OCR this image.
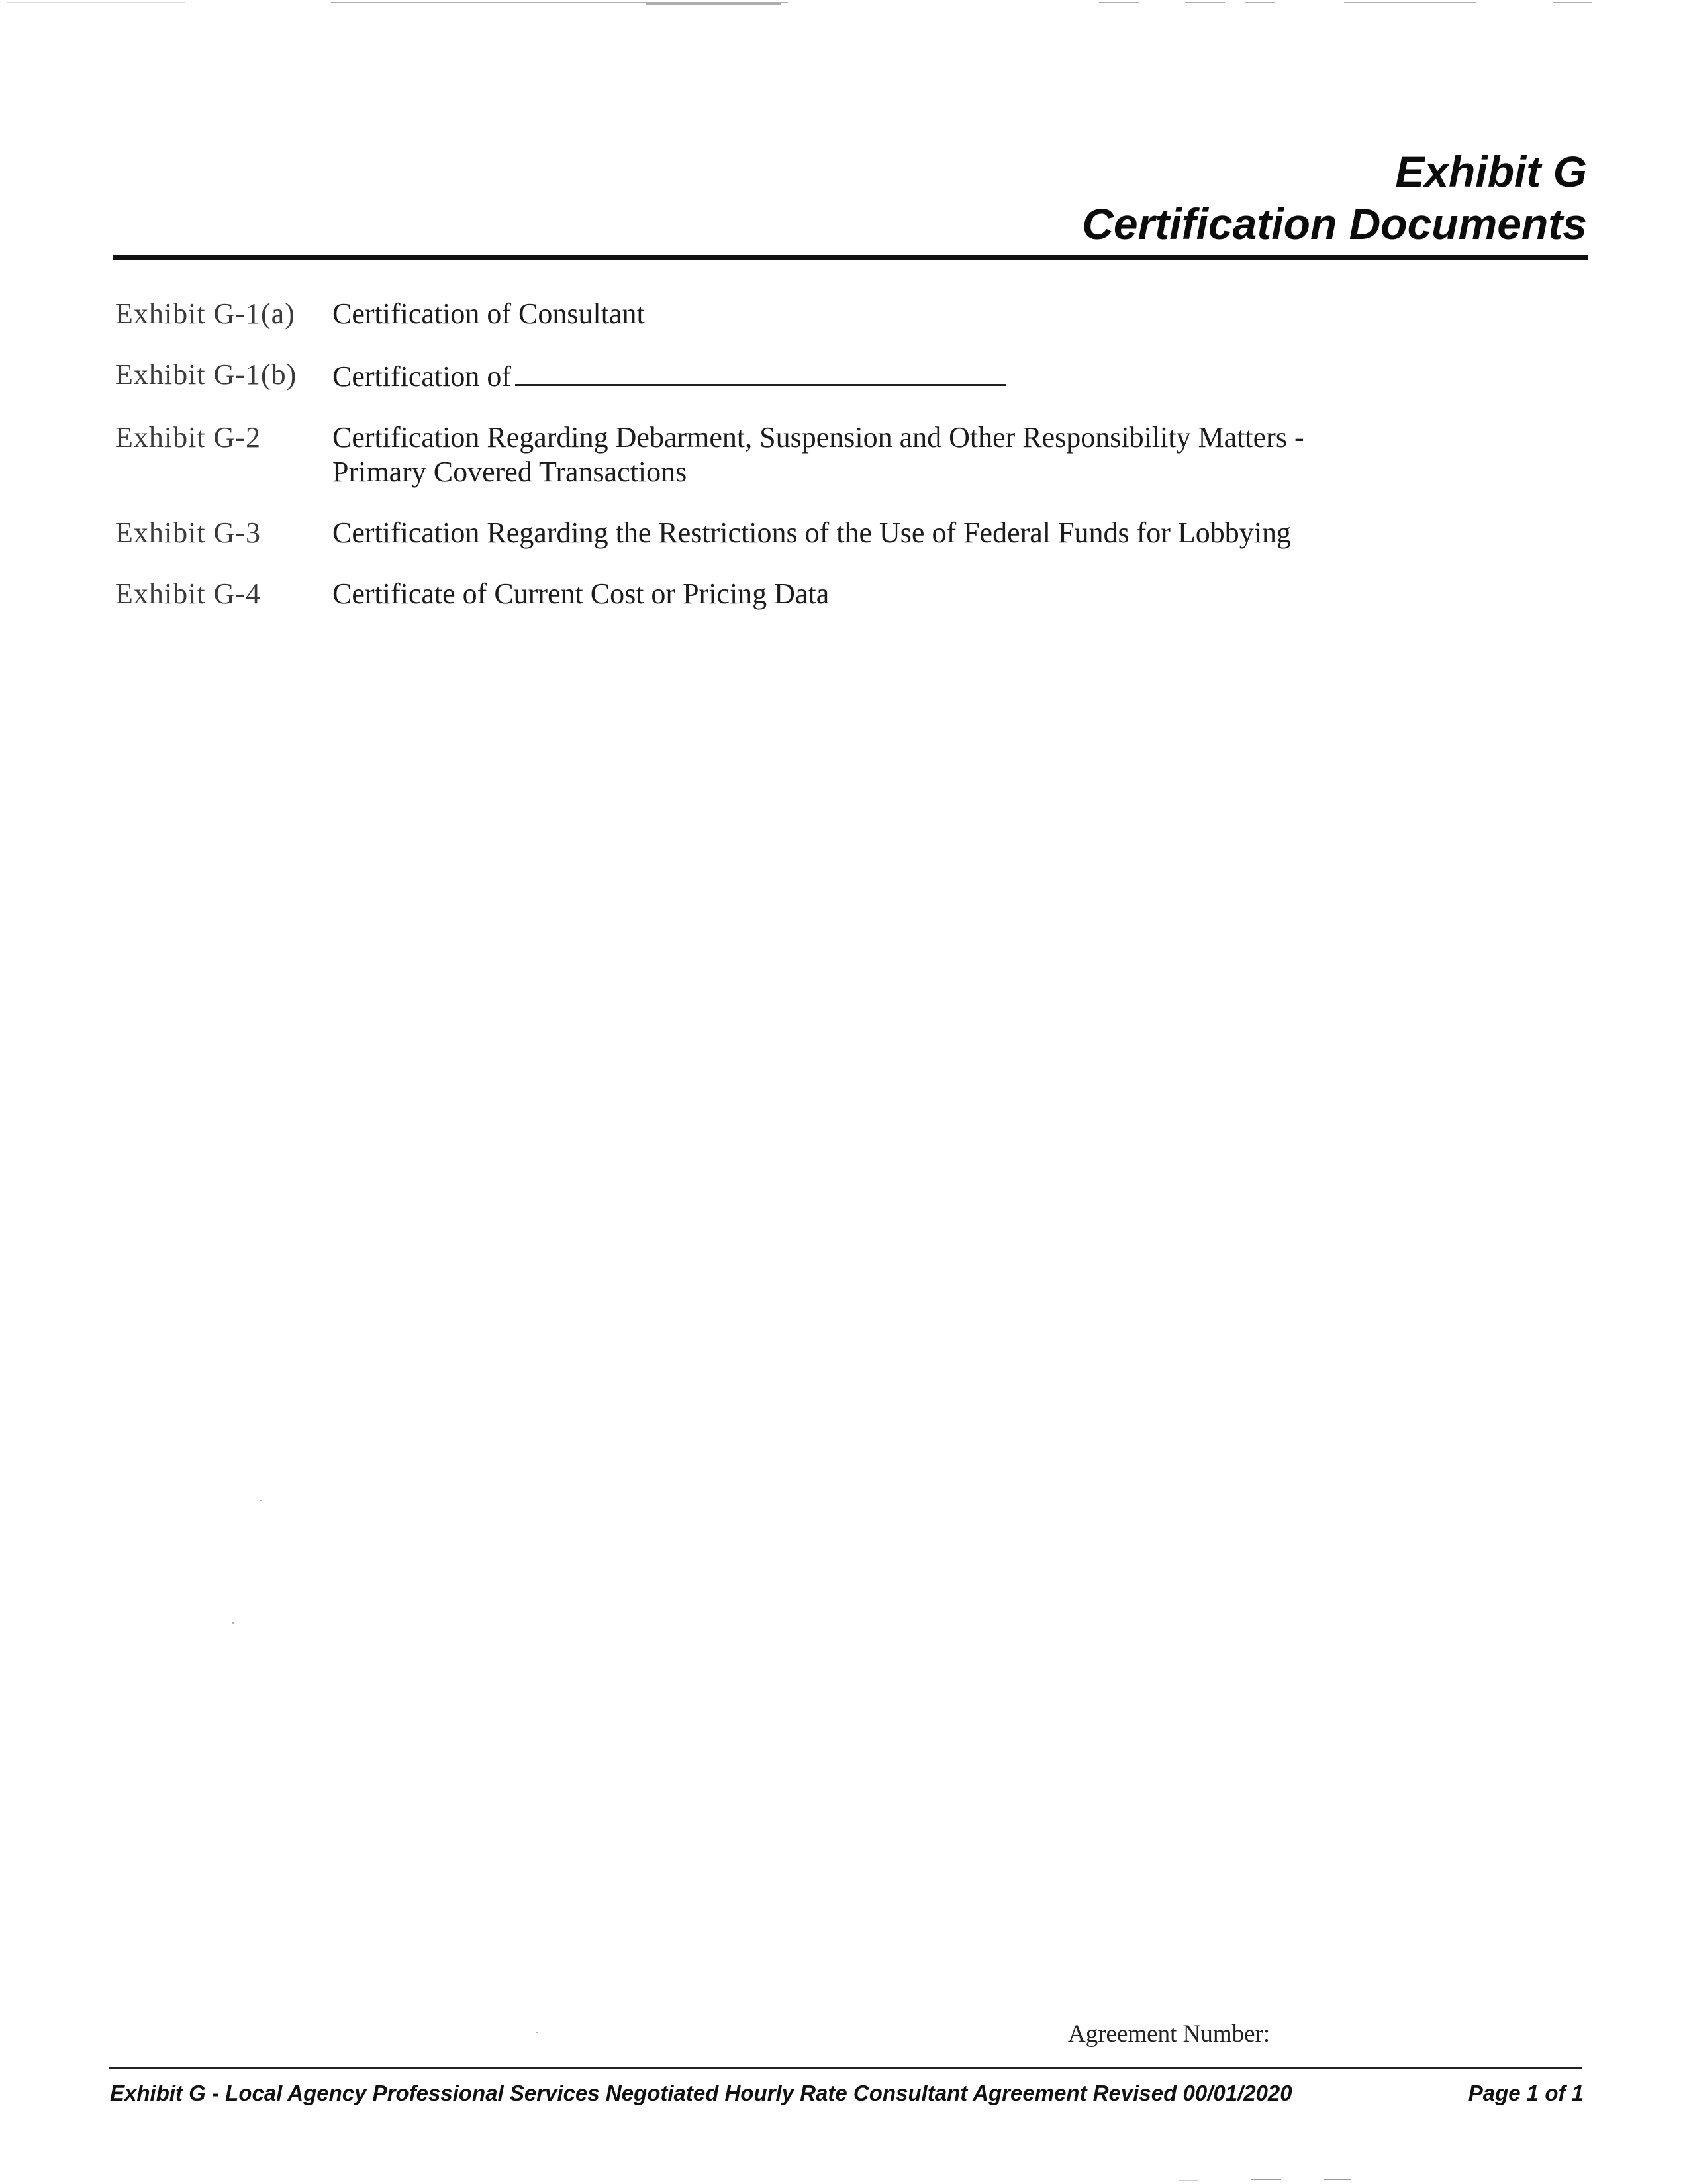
Exhibit G
Certification Documents
Exhibit G-1(a)	Certification of Consultant
Exhibit G-1(b)	Certification of
Exhibit G-2	Certification Regarding Debarment, Suspension and Other Responsibility Matters -
Primary Covered Transactions
Exhibit G-3	Certification Regarding the Restrictions of the Use of Federal Funds for Lobbying
Exhibit G-4	Certificate of Current Cost or Pricing Data
Agreement Number:
Exhibit G - Local Agency Professional Services Negotiated Hourly Rate Consultant Agreement Revised 00/01/2020	Page 1 of 1
